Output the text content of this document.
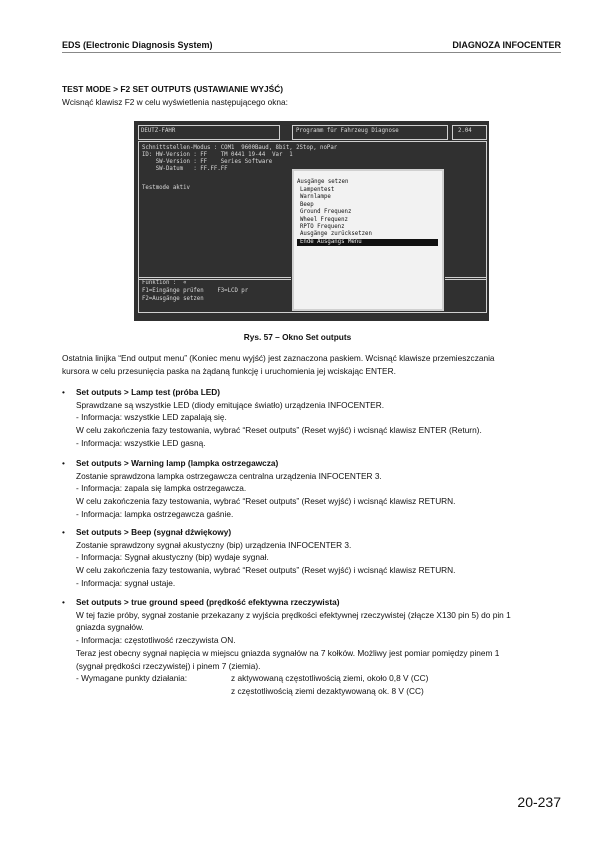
EDS (Electronic Diagnosis System)	DIAGNOZA INFOCENTER
TEST MODE > F2 SET OUTPUTS (USTAWIANIE WYJŚĆ)

Wcisnąć klawisz F2 w celu wyświetlenia następującego okna:

DEUTZ-FAHR	Programm für Fahrzeug Diagnose	2.04
Schnittstellen-Modus : COM1  9600Baud, 8bit, 2Stop, noPar
ID: HW-Version : FF    TM 0441 19-44  Var  1
SW-Version : FF    Series Software
SW-Datum   : FF.FF.FF
Testmode aktiv
Funktion :  «
F1=Eingänge prüfen    F3=LCD pr
F2=Ausgänge setzen
Ausgänge setzen
Lampentest
Warnlampe
Beep
Ground Frequenz
Wheel Frequenz
RPTO Frequenz
Ausgänge zurücksetzen
Ende Ausgangs Menü
Rys. 57 – Okno Set outputs

Ostatnia linijka “End output menu” (Koniec menu wyjść) jest zaznaczona paskiem. Wcisnąć klawisze przemieszczania
kursora w celu przesunięcia paska na żądaną funkcję i uruchomienia jej wciskając ENTER.

•	Set outputs > Lamp test (próba LED)
Sprawdzane są wszystkie LED (diody emitujące światło) urządzenia INFOCENTER.
- Informacja: wszystkie LED zapalają się.
W celu zakończenia fazy testowania, wybrać “Reset outputs” (Reset wyjść) i wcisnąć klawisz ENTER (Return).
- Informacja: wszystkie LED gasną.
•	Set outputs > Warning lamp (lampka ostrzegawcza)
Zostanie sprawdzona lampka ostrzegawcza centralna urządzenia INFOCENTER 3.
- Informacja: zapala się lampka ostrzegawcza.
W celu zakończenia fazy testowania, wybrać “Reset outputs” (Reset wyjść) i wcisnąć klawisz RETURN.
- Informacja: lampka ostrzegawcza gaśnie.
•	Set outputs > Beep (sygnał dźwiękowy)
Zostanie sprawdzony sygnał akustyczny (bip) urządzenia INFOCENTER 3.
- Informacja: Sygnał akustyczny (bip) wydaje sygnał.
W celu zakończenia fazy testowania, wybrać “Reset outputs” (Reset wyjść) i wcisnąć klawisz RETURN.
- Informacja: sygnał ustaje.
•	Set outputs > true ground speed (prędkość efektywna rzeczywista)
W tej fazie próby, sygnał zostanie przekazany z wyjścia prędkości efektywnej rzeczywistej (złącze X130 pin 5) do pin 1
gniazda sygnałów.
- Informacja: częstotliwość rzeczywista ON.
Teraz jest obecny sygnał napięcia w miejscu gniazda sygnałów na 7 kołków. Możliwy jest pomiar pomiędzy pinem 1
(sygnał prędkości rzeczywistej) i pinem 7 (ziemia).
- Wymagane punkty działania:	z aktywowaną częstotliwością ziemi, około 0,8 V (CC)
z częstotliwością ziemi dezaktywowaną ok. 8 V (CC)
20-237
